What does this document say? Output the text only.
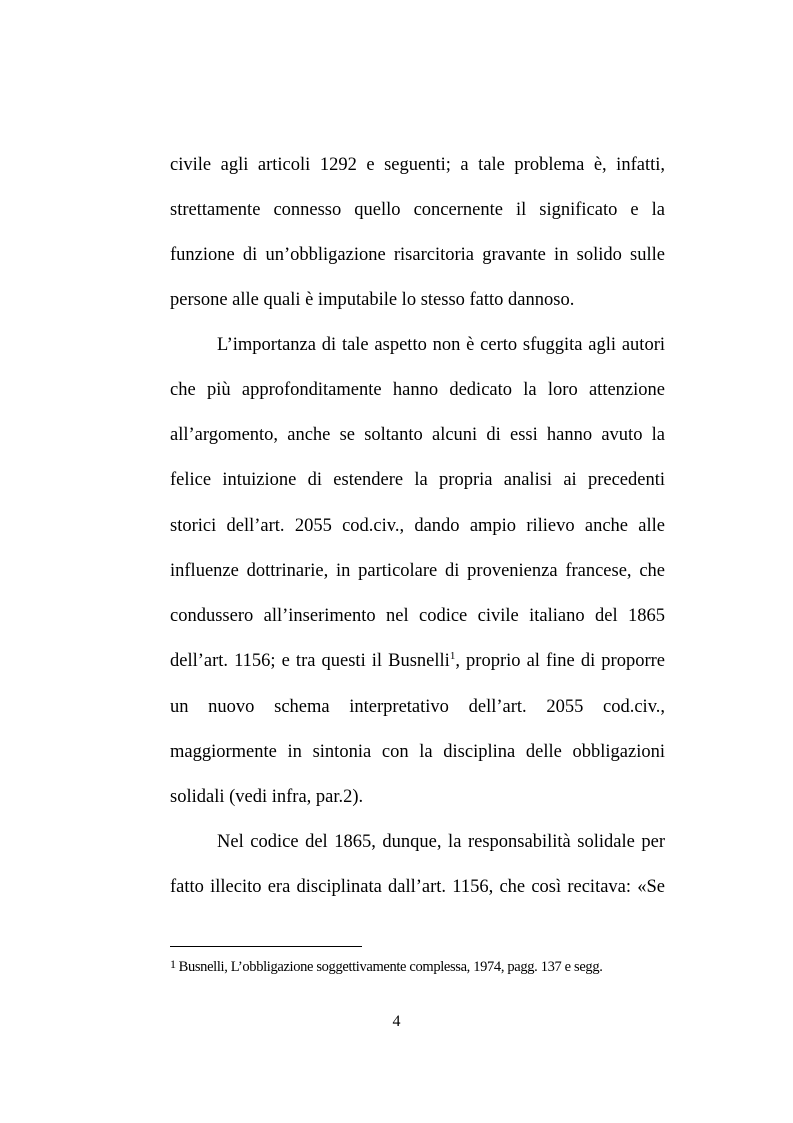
civile agli articoli 1292 e seguenti; a tale problema è, infatti,
strettamente connesso quello concernente il significato e la
funzione di un’obbligazione risarcitoria gravante in solido sulle
persone alle quali è imputabile lo stesso fatto dannoso.
L’importanza di tale aspetto non è certo sfuggita agli autori
che più approfonditamente hanno dedicato la loro attenzione
all’argomento, anche se soltanto alcuni di essi hanno avuto la
felice intuizione di estendere la propria analisi ai precedenti
storici dell’art. 2055 cod.civ., dando ampio rilievo anche alle
influenze dottrinarie, in particolare di provenienza francese, che
condussero all’inserimento nel codice civile italiano del 1865
dell’art. 1156; e tra questi il Busnelli$^1$, proprio al fine di proporre
un nuovo schema interpretativo dell’art. 2055 cod.civ.,
maggiormente in sintonia con la disciplina delle obbligazioni
solidali (vedi infra, par.2).
Nel codice del 1865, dunque, la responsabilità solidale per
fatto illecito era disciplinata dall’art. 1156, che così recitava: «Se
$^1$ Busnelli, L’obbligazione soggettivamente complessa, 1974, pagg. 137 e segg.
4
